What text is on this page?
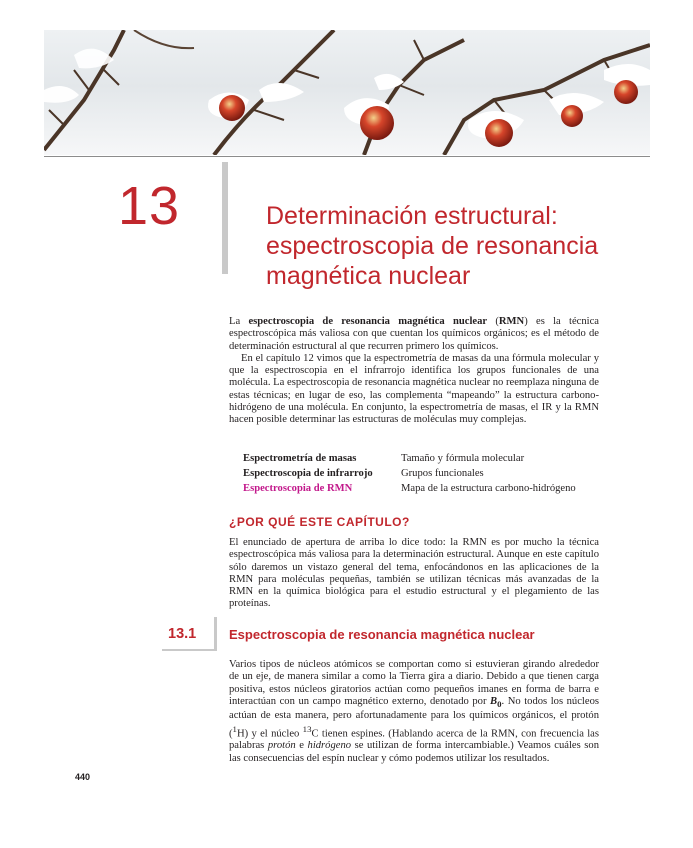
13	Determinación estructural:
espectroscopia de resonancia
magnética nuclear

La espectroscopia de resonancia magnética nuclear (RMN) es la técnica espectroscópica más valiosa con que cuentan los químicos orgánicos; es el método de determinación estructural al que recurren primero los químicos.

En el capítulo 12 vimos que la espectrometría de masas da una fórmula molecular y que la espectroscopia en el infrarrojo identifica los grupos funcionales de una molécula. La espectroscopia de resonancia magnética nuclear no reemplaza ninguna de estas técnicas; en lugar de eso, las complementa “mapeando” la estructura carbono-hidrógeno de una molécula. En conjunto, la espectrometría de masas, el IR y la RMN hacen posible determinar las estructuras de moléculas muy complejas.

Espectrometría de masas	Tamaño y fórmula molecular
Espectroscopia de infrarrojo	Grupos funcionales
Espectroscopia de RMN	Mapa de la estructura carbono-hidrógeno
¿POR QUÉ ESTE CAPÍTULO?

El enunciado de apertura de arriba lo dice todo: la RMN es por mucho la técnica espectroscópica más valiosa para la determinación estructural. Aunque en este capítulo sólo daremos un vistazo general del tema, enfocándonos en las aplicaciones de la RMN para moléculas pequeñas, también se utilizan técnicas más avanzadas de la RMN en la química biológica para el estudio estructural y el plegamiento de las proteínas.

13.1	Espectroscopia de resonancia magnética nuclear

Varios tipos de núcleos atómicos se comportan como si estuvieran girando alrededor de un eje, de manera similar a como la Tierra gira a diario. Debido a que tienen carga positiva, estos núcleos giratorios actúan como pequeños imanes en forma de barra e interactúan con un campo magnético externo, denotado por $B_0$. No todos los núcleos actúan de esta manera, pero afortunadamente para los químicos orgánicos, el protón ($^1$H) y el núcleo $^{13}$C tienen espines. (Hablando acerca de la RMN, con frecuencia las palabras protón e hidrógeno se utilizan de forma intercambiable.) Veamos cuáles son las consecuencias del espín nuclear y cómo podemos utilizar los resultados.

440
